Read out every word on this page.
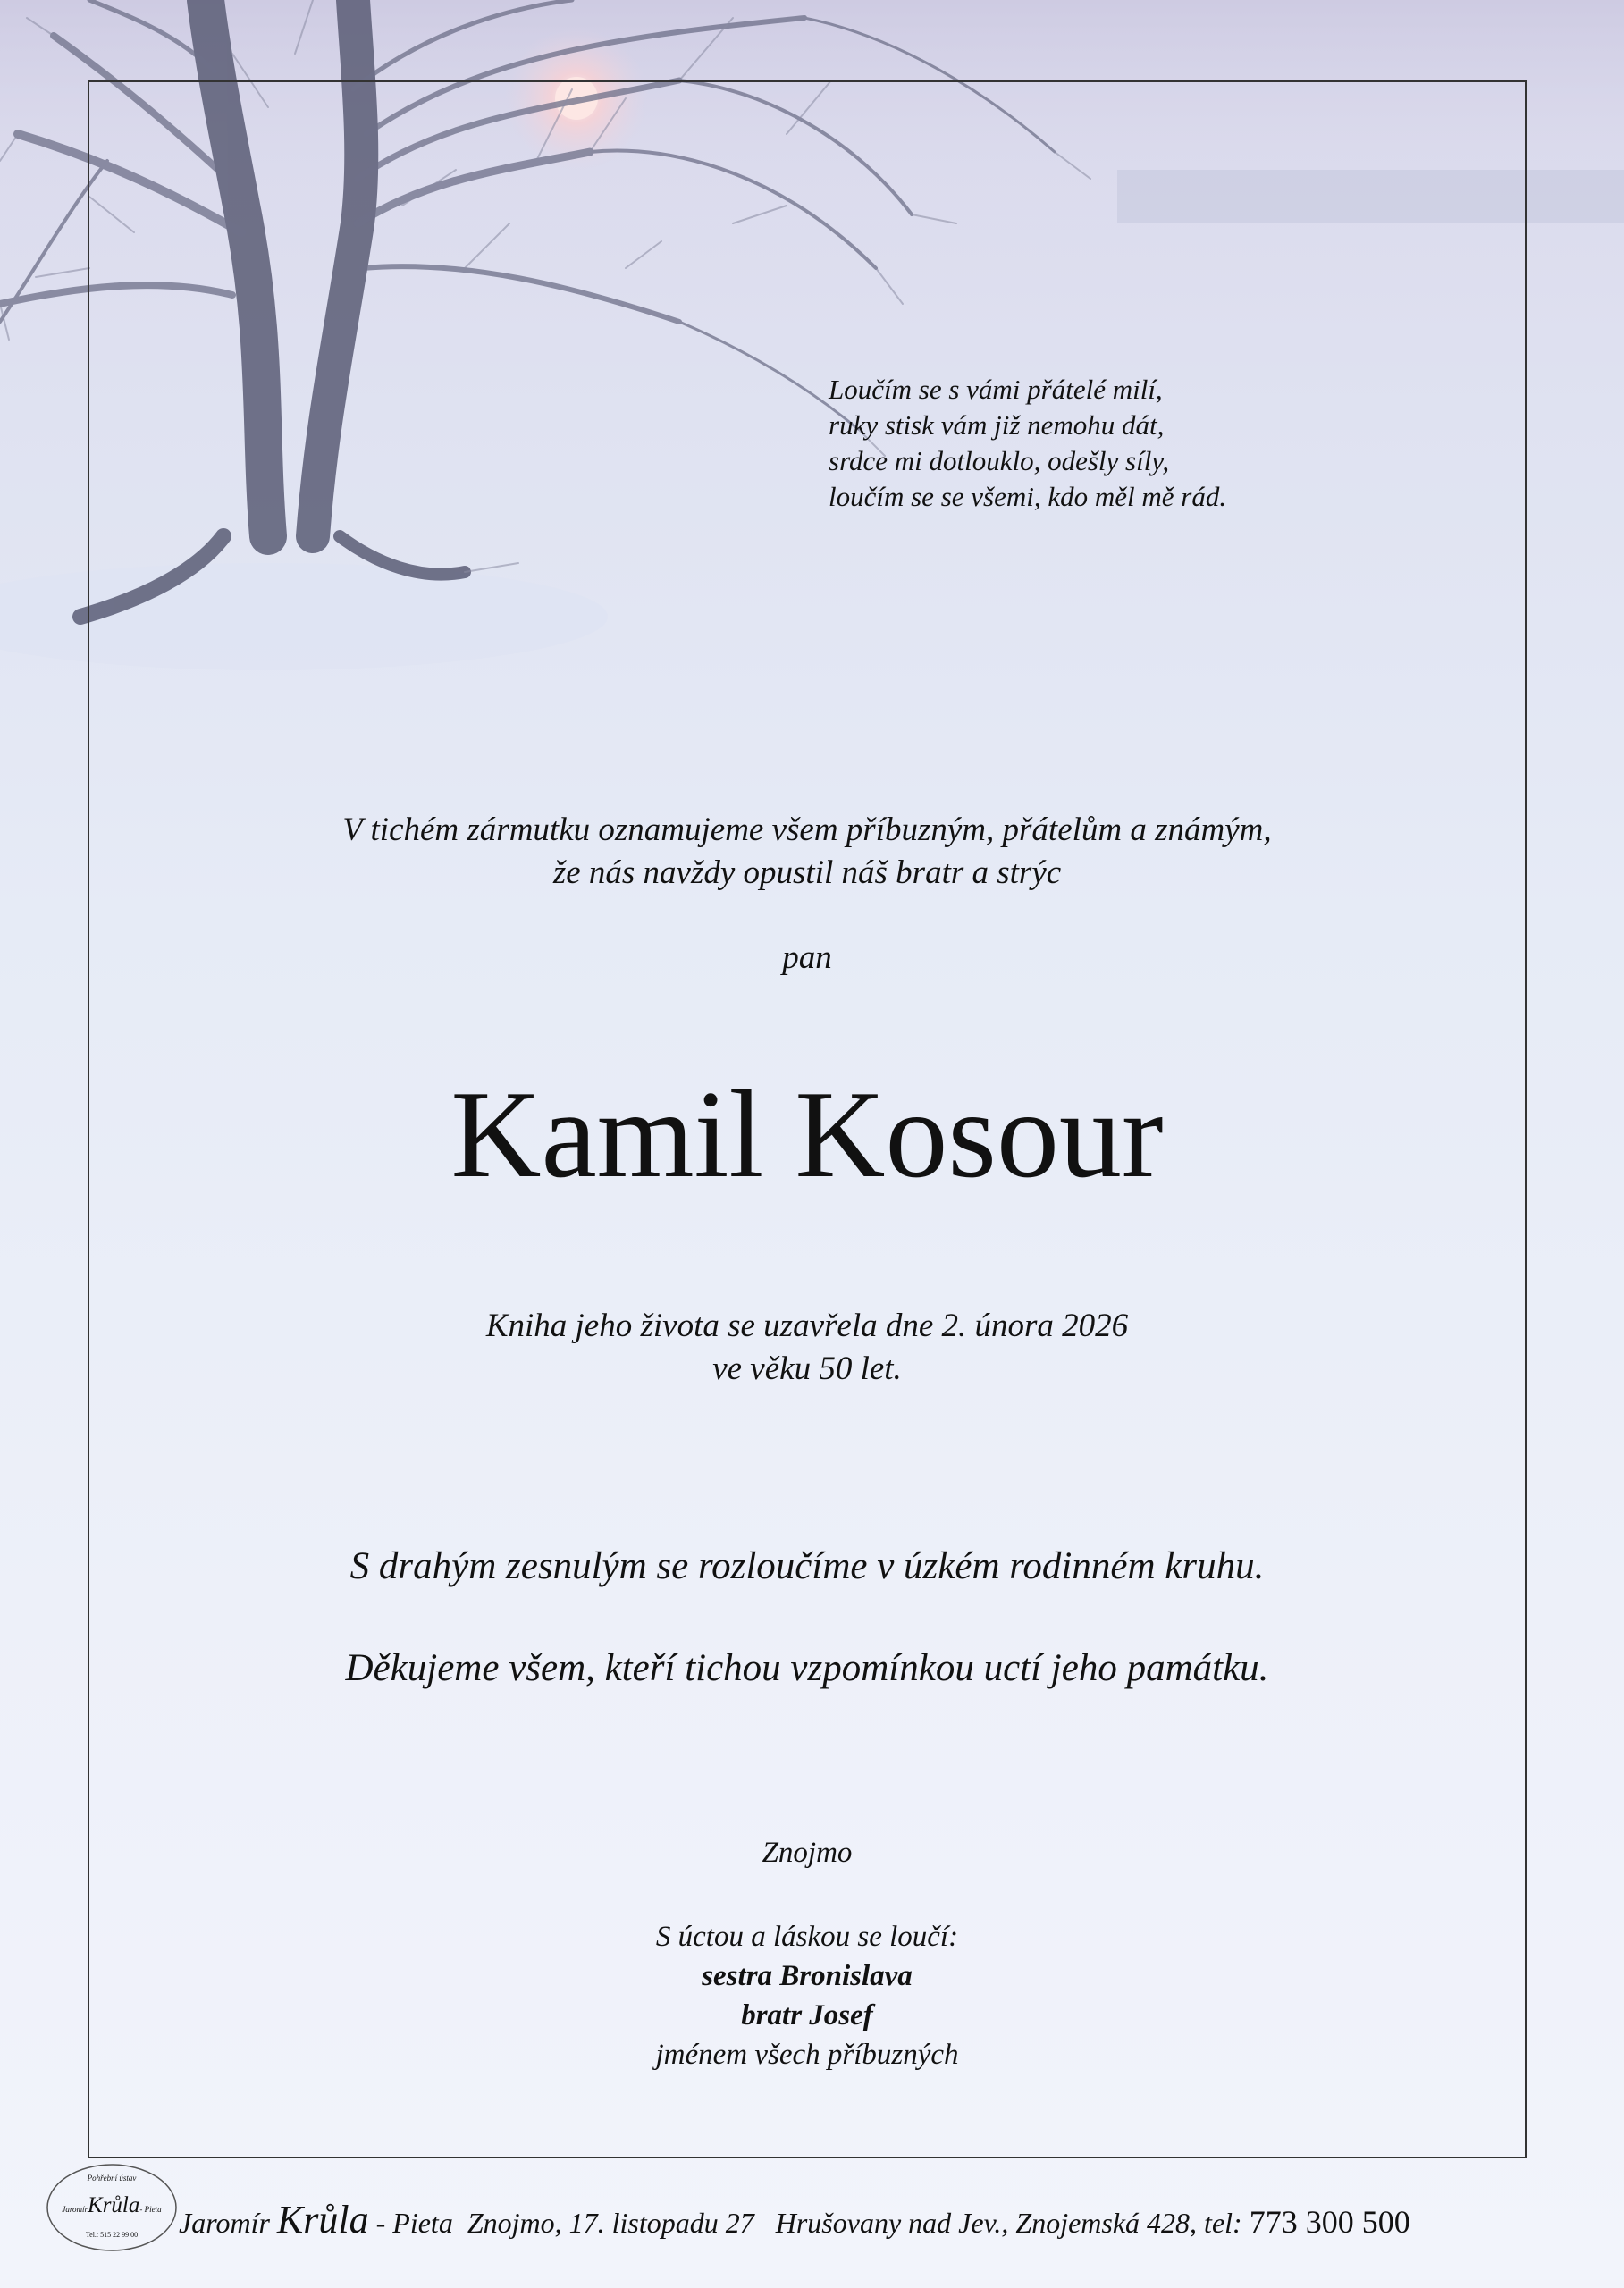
Loučím se s vámi přátelé milí,
ruky stisk vám již nemohu dát,
srdce mi dotlouklo, odešly síly,
loučím se se všemi, kdo měl mě rád.
V tichém zármutku oznamujeme všem příbuzným, přátelům a známým,
že nás navždy opustil náš bratr a strýc
pan
Kamil Kosour
Kniha jeho života se uzavřela dne 2. února 2026
ve věku 50 let.
S drahým zesnulým se rozloučíme v úzkém rodinném kruhu.
Děkujeme všem, kteří tichou vzpomínkou uctí jeho památku.
Znojmo
S úctou a láskou se loučí:
sestra Bronislava
bratr Josef
jménem všech příbuzných
Pohřební ústav
JaromírKrůla- Pieta
Tel.: 515 22 99 00	Jaromír Krůla - Pieta Znojmo, 17. listopadu 27 Hrušovany nad Jev., Znojemská 428, tel: 773 300 500
